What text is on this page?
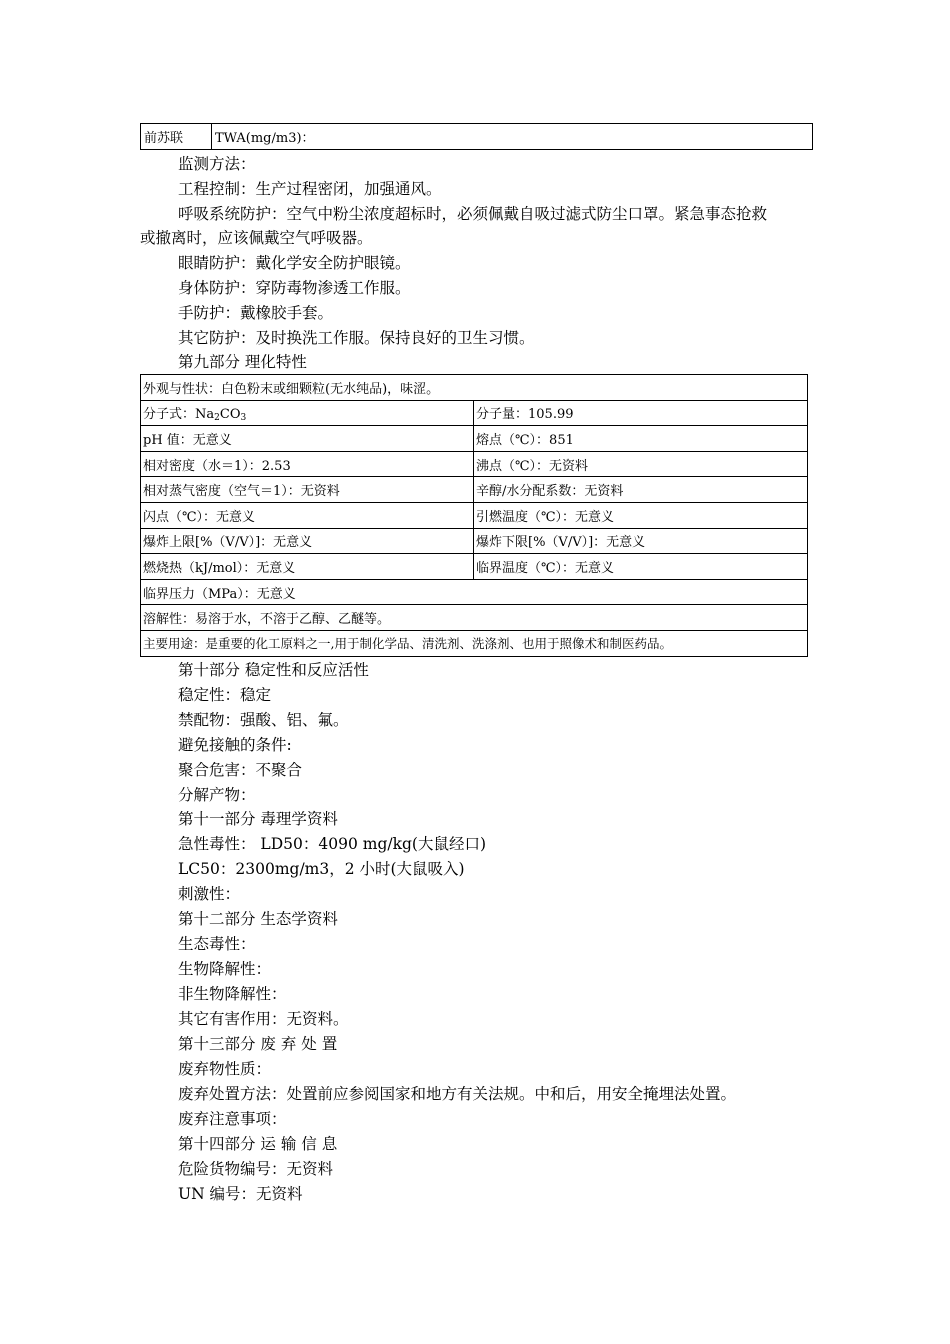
前苏联	TWA(mg/m3)：
监测方法：
工程控制：生产过程密闭，加强通风。
呼吸系统防护：空气中粉尘浓度超标时，必须佩戴自吸过滤式防尘口罩。紧急事态抢救
或撤离时，应该佩戴空气呼吸器。
眼睛防护：戴化学安全防护眼镜。
身体防护：穿防毒物渗透工作服。
手防护：戴橡胶手套。
其它防护：及时换洗工作服。保持良好的卫生习惯。
第九部分 理化特性
外观与性状：白色粉末或细颗粒(无水纯品)，味涩。	
分子式：$Na_2CO_3$	分子量：105.99
pH 值：无意义	熔点（℃）：851
相对密度（水＝1）：2.53	沸点（℃）：无资料
相对蒸气密度（空气＝1）：无资料	辛醇/水分配系数：无资料
闪点（℃）：无意义	引燃温度（℃）：无意义
爆炸上限[%（V/V）]：无意义	爆炸下限[%（V/V）]：无意义
燃烧热（kJ/mol）：无意义	临界温度（℃）：无意义
临界压力（MPa）：无意义	
溶解性：易溶于水，不溶于乙醇、乙醚等。	
主要用途：是重要的化工原料之一,用于制化学品、清洗剂、洗涤剂、也用于照像术和制医药品。	
第十部分 稳定性和反应活性
稳定性：稳定
禁配物：强酸、铝、氟。
避免接触的条件:
聚合危害：不聚合
分解产物：
第十一部分 毒理学资料
急性毒性： LD50：4090 mg/kg(大鼠经口)
LC50：2300mg/m3，2 小时(大鼠吸入)
刺激性：
第十二部分 生态学资料
生态毒性：
生物降解性：
非生物降解性：
其它有害作用：无资料。
第十三部分 废 弃 处 置
废弃物性质：
废弃处置方法：处置前应参阅国家和地方有关法规。中和后，用安全掩埋法处置。
废弃注意事项：
第十四部分 运 输 信 息
危险货物编号：无资料
UN 编号：无资料
